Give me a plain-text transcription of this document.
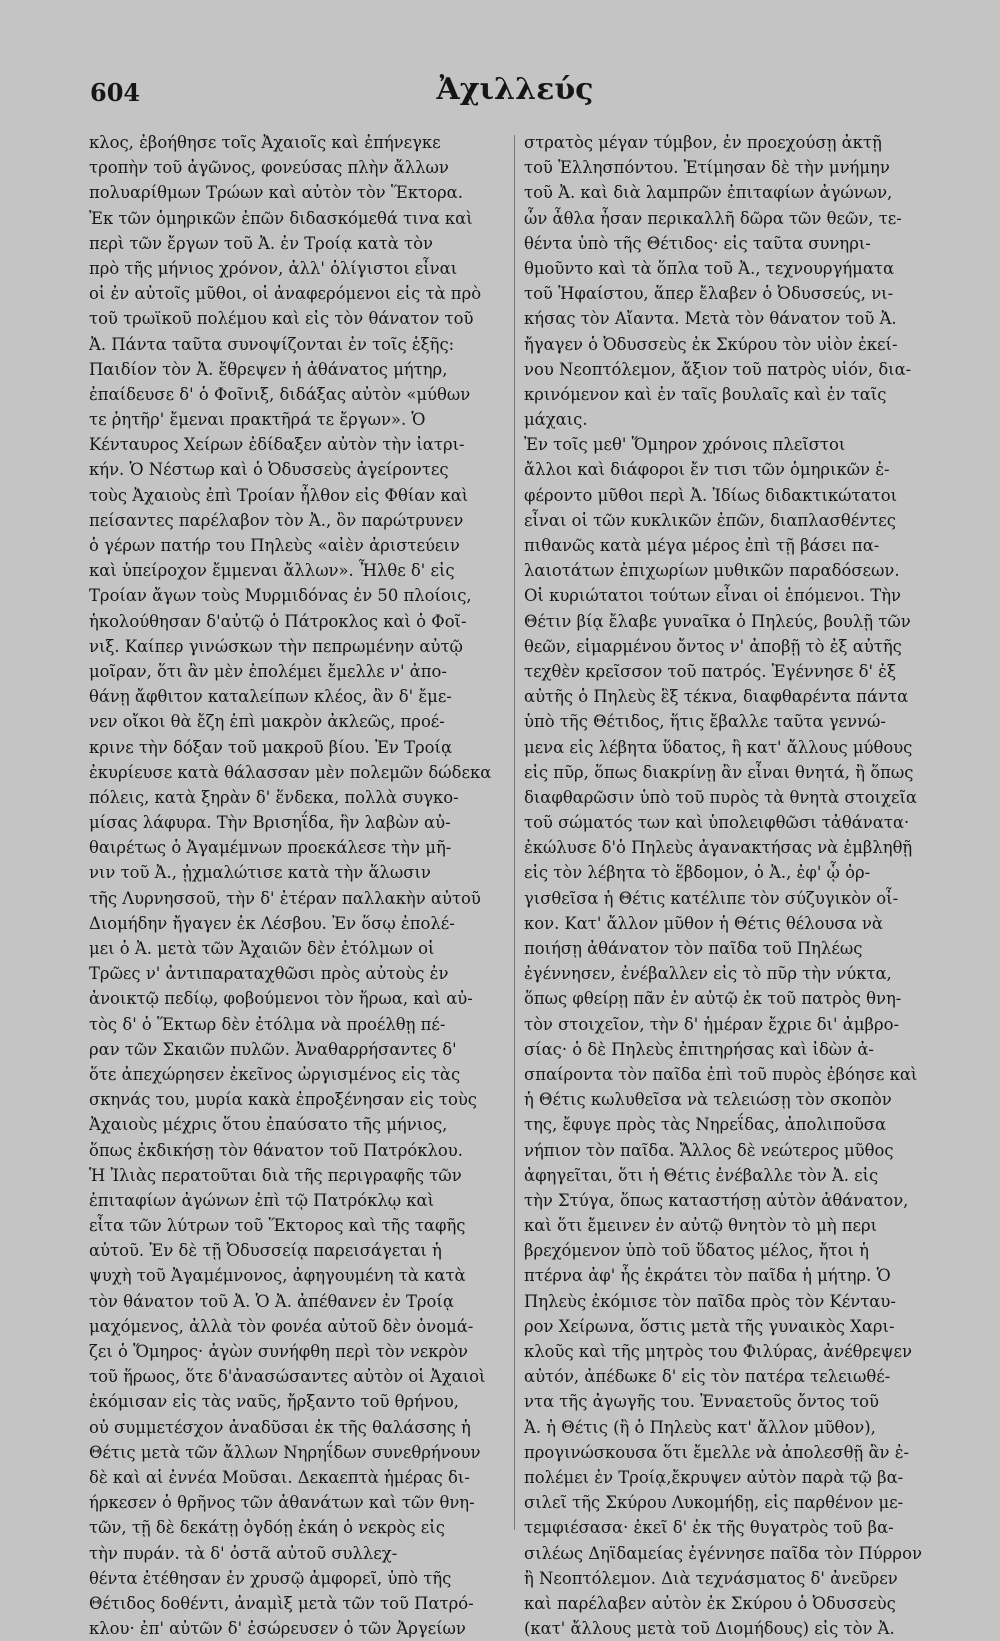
604	Ἀχιλλεύς
κλος, ἐβοήθησε τοῖς Ἀχαιοῖς καὶ ἐπήνεγκε
τροπὴν τοῦ ἀγῶνος, φονεύσας πλὴν ἄλλων
πολυαρίθμων Τρώων καὶ αὐτὸν τὸν Ἕκτορα.
Ἐκ τῶν ὁμηρικῶν ἐπῶν διδασκόμεθά τινα καὶ
περὶ τῶν ἔργων τοῦ Ἀ. ἐν Τροίᾳ κατὰ τὸν
πρὸ τῆς μήνιος χρόνον, ἀλλ' ὀλίγιστοι εἶναι
οἱ ἐν αὐτοῖς μῦθοι, οἱ ἀναφερόμενοι εἰς τὰ πρὸ
τοῦ τρωϊκοῦ πολέμου καὶ εἰς τὸν θάνατον τοῦ
Ἀ. Πάντα ταῦτα συνοψίζονται ἐν τοῖς ἑξῆς:
Παιδίον τὸν Ἀ. ἔθρεψεν ἡ ἀθάνατος μήτηρ,
ἐπαίδευσε δ' ὁ Φοῖνιξ, διδάξας αὐτὸν «μύθων
τε ῥητῆρ' ἔμεναι πρακτῆρά τε ἔργων». Ὁ
Κένταυρος Χείρων ἐδίδαξεν αὐτὸν τὴν ἰατρι-
κήν. Ὁ Νέστωρ καὶ ὁ Ὀδυσσεὺς ἀγείροντες
τοὺς Ἀχαιοὺς ἐπὶ Τροίαν ἦλθον εἰς Φθίαν καὶ
πείσαντες παρέλαβον τὸν Ἀ., ὃν παρώτρυνεν
ὁ γέρων πατήρ του Πηλεὺς «αἰὲν ἀριστεύειν
καὶ ὑπείροχον ἔμμεναι ἄλλων». Ἦλθε δ' εἰς
Τροίαν ἄγων τοὺς Μυρμιδόνας ἐν 50 πλοίοις,
ἡκολούθησαν δ'αὐτῷ ὁ Πάτροκλος καὶ ὁ Φοῖ-
νιξ. Καίπερ γινώσκων τὴν πεπρωμένην αὐτῷ
μοῖραν, ὅτι ἂν μὲν ἐπολέμει ἔμελλε ν' ἀπο-
θάνῃ ἄφθιτον καταλείπων κλέος, ἂν δ' ἔμε-
νεν οἴκοι θὰ ἔζη ἐπὶ μακρὸν ἀκλεῶς, προέ-
κρινε τὴν δόξαν τοῦ μακροῦ βίου. Ἐν Τροίᾳ
ἐκυρίευσε κατὰ θάλασσαν μὲν πολεμῶν δώδεκα
πόλεις, κατὰ ξηρὰν δ' ἕνδεκα, πολλὰ συγκο-
μίσας λάφυρα. Τὴν Βρισηΐδα, ἣν λαβὼν αὐ-
θαιρέτως ὁ Ἀγαμέμνων προεκάλεσε τὴν μῆ-
νιν τοῦ Ἀ., ᾐχμαλώτισε κατὰ τὴν ἅλωσιν
τῆς Λυρνησσοῦ, τὴν δ' ἑτέραν παλλακὴν αὐτοῦ
Διομήδην ἤγαγεν ἐκ Λέσβου. Ἐν ὅσῳ ἐπολέ-
μει ὁ Ἀ. μετὰ τῶν Ἀχαιῶν δὲν ἐτόλμων οἱ
Τρῶες ν' ἀντιπαραταχθῶσι πρὸς αὐτοὺς ἐν
ἀνοικτῷ πεδίῳ, φοβούμενοι τὸν ἥρωα, καὶ αὐ-
τὸς δ' ὁ Ἕκτωρ δὲν ἐτόλμα νὰ προέλθῃ πέ-
ραν τῶν Σκαιῶν πυλῶν. Ἀναθαρρήσαντες δ'
ὅτε ἀπεχώρησεν ἐκεῖνος ὠργισμένος εἰς τὰς
σκηνάς του, μυρία κακὰ ἐπροξένησαν εἰς τοὺς
Ἀχαιοὺς μέχρις ὅτου ἐπαύσατο τῆς μήνιος,
ὅπως ἐκδικήσῃ τὸν θάνατον τοῦ Πατρόκλου.
Ἡ Ἰλιὰς περατοῦται διὰ τῆς περιγραφῆς τῶν
ἐπιταφίων ἀγώνων ἐπὶ τῷ Πατρόκλῳ καὶ
εἶτα τῶν λύτρων τοῦ Ἕκτορος καὶ τῆς ταφῆς
αὐτοῦ. Ἐν δὲ τῇ Ὀδυσσείᾳ παρεισάγεται ἡ
ψυχὴ τοῦ Ἀγαμέμνονος, ἀφηγουμένη τὰ κατὰ
τὸν θάνατον τοῦ Ἀ. Ὁ Ἀ. ἀπέθανεν ἐν Τροίᾳ
μαχόμενος, ἀλλὰ τὸν φονέα αὐτοῦ δὲν ὀνομά-
ζει ὁ Ὅμηρος· ἀγὼν συνήφθη περὶ τὸν νεκρὸν
τοῦ ἥρωος, ὅτε δ'ἀνασώσαντες αὐτὸν οἱ Ἀχαιοὶ
ἐκόμισαν εἰς τὰς ναῦς, ἤρξαντο τοῦ θρήνου,
οὐ συμμετέσχον ἀναδῦσαι ἐκ τῆς θαλάσσης ἡ
Θέτις μετὰ τῶν ἄλλων Νηρηΐδων συνεθρήνουν
δὲ καὶ αἱ ἐννέα Μοῦσαι. Δεκαεπτὰ ἡμέρας δι-
ήρκεσεν ὁ θρῆνος τῶν ἀθανάτων καὶ τῶν θνη-
τῶν, τῇ δὲ δεκάτῃ ὀγδόῃ ἐκάη ὁ νεκρὸς εἰς
τὴν πυράν. τὰ δ' ὀστᾶ αὐτοῦ συλλεχ-
θέντα ἐτέθησαν ἐν χρυσῷ ἀμφορεῖ, ὑπὸ τῆς
Θέτιδος δοθέντι, ἀναμὶξ μετὰ τῶν τοῦ Πατρό-
κλου· ἐπ' αὐτῶν δ' ἐσώρευσεν ὁ τῶν Ἀργείων
στρατὸς μέγαν τύμβον, ἐν προεχούσῃ ἀκτῇ
τοῦ Ἑλλησπόντου. Ἐτίμησαν δὲ τὴν μνήμην
τοῦ Ἀ. καὶ διὰ λαμπρῶν ἐπιταφίων ἀγώνων,
ὧν ἆθλα ἦσαν περικαλλῆ δῶρα τῶν θεῶν, τε-
θέντα ὑπὸ τῆς Θέτιδος· εἰς ταῦτα συνηρι-
θμοῦντο καὶ τὰ ὅπλα τοῦ Ἀ., τεχνουργήματα
τοῦ Ἡφαίστου, ἅπερ ἔλαβεν ὁ Ὀδυσσεύς, νι-
κήσας τὸν Αἴαντα. Μετὰ τὸν θάνατον τοῦ Ἀ.
ἤγαγεν ὁ Ὀδυσσεὺς ἐκ Σκύρου τὸν υἱὸν ἐκεί-
νου Νεοπτόλεμον, ἄξιον τοῦ πατρὸς υἱόν, δια-
κρινόμενον καὶ ἐν ταῖς βουλαῖς καὶ ἐν ταῖς
μάχαις.
Ἐν τοῖς μεθ' Ὅμηρον χρόνοις πλεῖστοι
ἄλλοι καὶ διάφοροι ἔν τισι τῶν ὁμηρικῶν ἐ-
φέροντο μῦθοι περὶ Ἀ. Ἰδίως διδακτικώτατοι
εἶναι οἱ τῶν κυκλικῶν ἐπῶν, διαπλασθέντες
πιθανῶς κατὰ μέγα μέρος ἐπὶ τῇ βάσει πα-
λαιοτάτων ἐπιχωρίων μυθικῶν παραδόσεων.
Οἱ κυριώτατοι τούτων εἶναι οἱ ἑπόμενοι. Τὴν
Θέτιν βίᾳ ἔλαβε γυναῖκα ὁ Πηλεύς, βουλῇ τῶν
θεῶν, εἱμαρμένου ὄντος ν' ἀποβῇ τὸ ἐξ αὐτῆς
τεχθὲν κρεῖσσον τοῦ πατρός. Ἐγέννησε δ' ἐξ
αὐτῆς ὁ Πηλεὺς ἓξ τέκνα, διαφθαρέντα πάντα
ὑπὸ τῆς Θέτιδος, ἥτις ἔβαλλε ταῦτα γεννώ-
μενα εἰς λέβητα ὕδατος, ἢ κατ' ἄλλους μύθους
εἰς πῦρ, ὅπως διακρίνῃ ἂν εἶναι θνητά, ἢ ὅπως
διαφθαρῶσιν ὑπὸ τοῦ πυρὸς τὰ θνητὰ στοιχεῖα
τοῦ σώματός των καὶ ὑπολειφθῶσι τἀθάνατα·
ἐκώλυσε δ'ὁ Πηλεὺς ἀγανακτήσας νὰ ἐμβληθῇ
εἰς τὸν λέβητα τὸ ἕβδομον, ὁ Ἀ., ἐφ' ᾧ ὀρ-
γισθεῖσα ἡ Θέτις κατέλιπε τὸν σύζυγικὸν οἶ-
κον. Κατ' ἄλλον μῦθον ἡ Θέτις θέλουσα νὰ
ποιήσῃ ἀθάνατον τὸν παῖδα τοῦ Πηλέως
ἐγέννησεν, ἐνέβαλλεν εἰς τὸ πῦρ τὴν νύκτα,
ὅπως φθείρῃ πᾶν ἐν αὐτῷ ἐκ τοῦ πατρὸς θνη-
τὸν στοιχεῖον, τὴν δ' ἡμέραν ἔχριε δι' ἀμβρο-
σίας· ὁ δὲ Πηλεὺς ἐπιτηρήσας καὶ ἰδὼν ἀ-
σπαίροντα τὸν παῖδα ἐπὶ τοῦ πυρὸς ἐβόησε καὶ
ἡ Θέτις κωλυθεῖσα νὰ τελειώσῃ τὸν σκοπὸν
της, ἔφυγε πρὸς τὰς Νηρεΐδας, ἀπολιποῦσα
νήπιον τὸν παῖδα. Ἄλλος δὲ νεώτερος μῦθος
ἀφηγεῖται, ὅτι ἡ Θέτις ἐνέβαλλε τὸν Ἀ. εἰς
τὴν Στύγα, ὅπως καταστήσῃ αὐτὸν ἀθάνατον,
καὶ ὅτι ἔμεινεν ἐν αὐτῷ θνητὸν τὸ μὴ περι
βρεχόμενον ὑπὸ τοῦ ὕδατος μέλος, ἤτοι ἡ
πτέρνα ἀφ' ἧς ἐκράτει τὸν παῖδα ἡ μήτηρ. Ὁ
Πηλεὺς ἐκόμισε τὸν παῖδα πρὸς τὸν Κένταυ-
ρον Χείρωνα, ὅστις μετὰ τῆς γυναικὸς Χαρι-
κλοῦς καὶ τῆς μητρὸς του Φιλύρας, ἀνέθρεψεν
αὐτόν, ἀπέδωκε δ' εἰς τὸν πατέρα τελειωθέ-
ντα τῆς ἀγωγῆς του. Ἐνναετοῦς ὄντος τοῦ
Ἀ. ἡ Θέτις (ἢ ὁ Πηλεὺς κατ' ἄλλον μῦθον),
προγινώσκουσα ὅτι ἔμελλε νὰ ἀπολεσθῇ ἂν ἐ-
πολέμει ἐν Τροίᾳ,ἔκρυψεν αὐτὸν παρὰ τῷ βα-
σιλεῖ τῆς Σκύρου Λυκομήδῃ, εἰς παρθένον με-
τεμφιέσασα· ἐκεῖ δ' ἐκ τῆς θυγατρὸς τοῦ βα-
σιλέως Δηϊδαμείας ἐγέννησε παῖδα τὸν Πύρρον
ἢ Νεοπτόλεμον. Διὰ τεχνάσματος δ' ἀνεῦρεν
καὶ παρέλαβεν αὐτὸν ἐκ Σκύρου ὁ Ὀδυσσεὺς
(κατ' ἄλλους μετὰ τοῦ Διομήδους) εἰς τὸν Ἀ.
